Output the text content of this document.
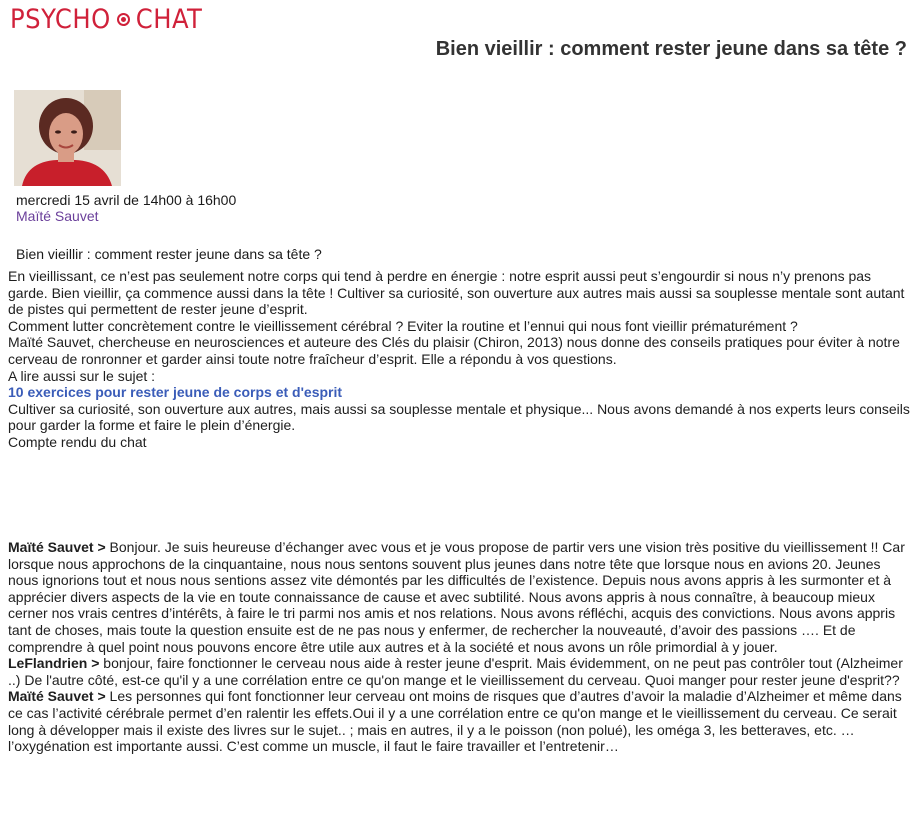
PSYCHO CHAT
Bien vieillir : comment rester jeune dans sa tête ?
mercredi 15 avril de 14h00 à 16h00
Maïté Sauvet
Bien vieillir : comment rester jeune dans sa tête ?

En vieillissant, ce n’est pas seulement notre corps qui tend à perdre en énergie : notre esprit aussi peut s’engourdir si nous n’y prenons pas garde. Bien vieillir, ça commence aussi dans la tête ! Cultiver sa curiosité, son ouverture aux autres mais aussi sa souplesse mentale sont autant de pistes qui permettent de rester jeune d’esprit.

Comment lutter concrètement contre le vieillissement cérébral ? Eviter la routine et l’ennui qui nous font vieillir prématurément ?

Maïté Sauvet, chercheuse en neurosciences et auteure des Clés du plaisir (Chiron, 2013) nous donne des conseils pratiques pour éviter à notre cerveau de ronronner et garder ainsi toute notre fraîcheur d’esprit. Elle a répondu à vos questions.

A lire aussi sur le sujet :

10 exercices pour rester jeune de corps et d'esprit

Cultiver sa curiosité, son ouverture aux autres, mais aussi sa souplesse mentale et physique... Nous avons demandé à nos experts leurs conseils pour garder la forme et faire le plein d’énergie.

Compte rendu du chat

Maïté Sauvet > Bonjour. Je suis heureuse d’échanger avec vous et je vous propose de partir vers une vision très positive du vieillissement !! Car lorsque nous approchons de la cinquantaine, nous nous sentons souvent plus jeunes dans notre tête que lorsque nous en avions 20. Jeunes nous ignorions tout et nous nous sentions assez vite démontés par les difficultés de l’existence. Depuis nous avons appris à les surmonter et à apprécier divers aspects de la vie en toute connaissance de cause et avec subtilité. Nous avons appris à nous connaître, à beaucoup mieux cerner nos vrais centres d’intérêts, à faire le tri parmi nos amis et nos relations. Nous avons réfléchi, acquis des convictions. Nous avons appris tant de choses, mais toute la question ensuite est de ne pas nous y enfermer, de rechercher la nouveauté, d’avoir des passions …. Et de comprendre à quel point nous pouvons encore être utile aux autres et à la société et nous avons un rôle primordial à y jouer.

LeFlandrien > bonjour, faire fonctionner le cerveau nous aide à rester jeune d'esprit. Mais évidemment, on ne peut pas contrôler tout (Alzheimer ..) De l'autre côté, est-ce qu'il y a une corrélation entre ce qu'on mange et le vieillissement du cerveau. Quoi manger pour rester jeune d'esprit??

Maïté Sauvet > Les personnes qui font fonctionner leur cerveau ont moins de risques que d’autres d’avoir la maladie d’Alzheimer et même dans ce cas l’activité cérébrale permet d’en ralentir les effets.Oui il y a une corrélation entre ce qu'on mange et le vieillissement du cerveau. Ce serait long à développer mais il existe des livres sur le sujet.. ; mais en autres, il y a le poisson (non polué), les oméga 3, les betteraves, etc. … l’oxygénation est importante aussi. C’est comme un muscle, il faut le faire travailler et l’entretenir…
